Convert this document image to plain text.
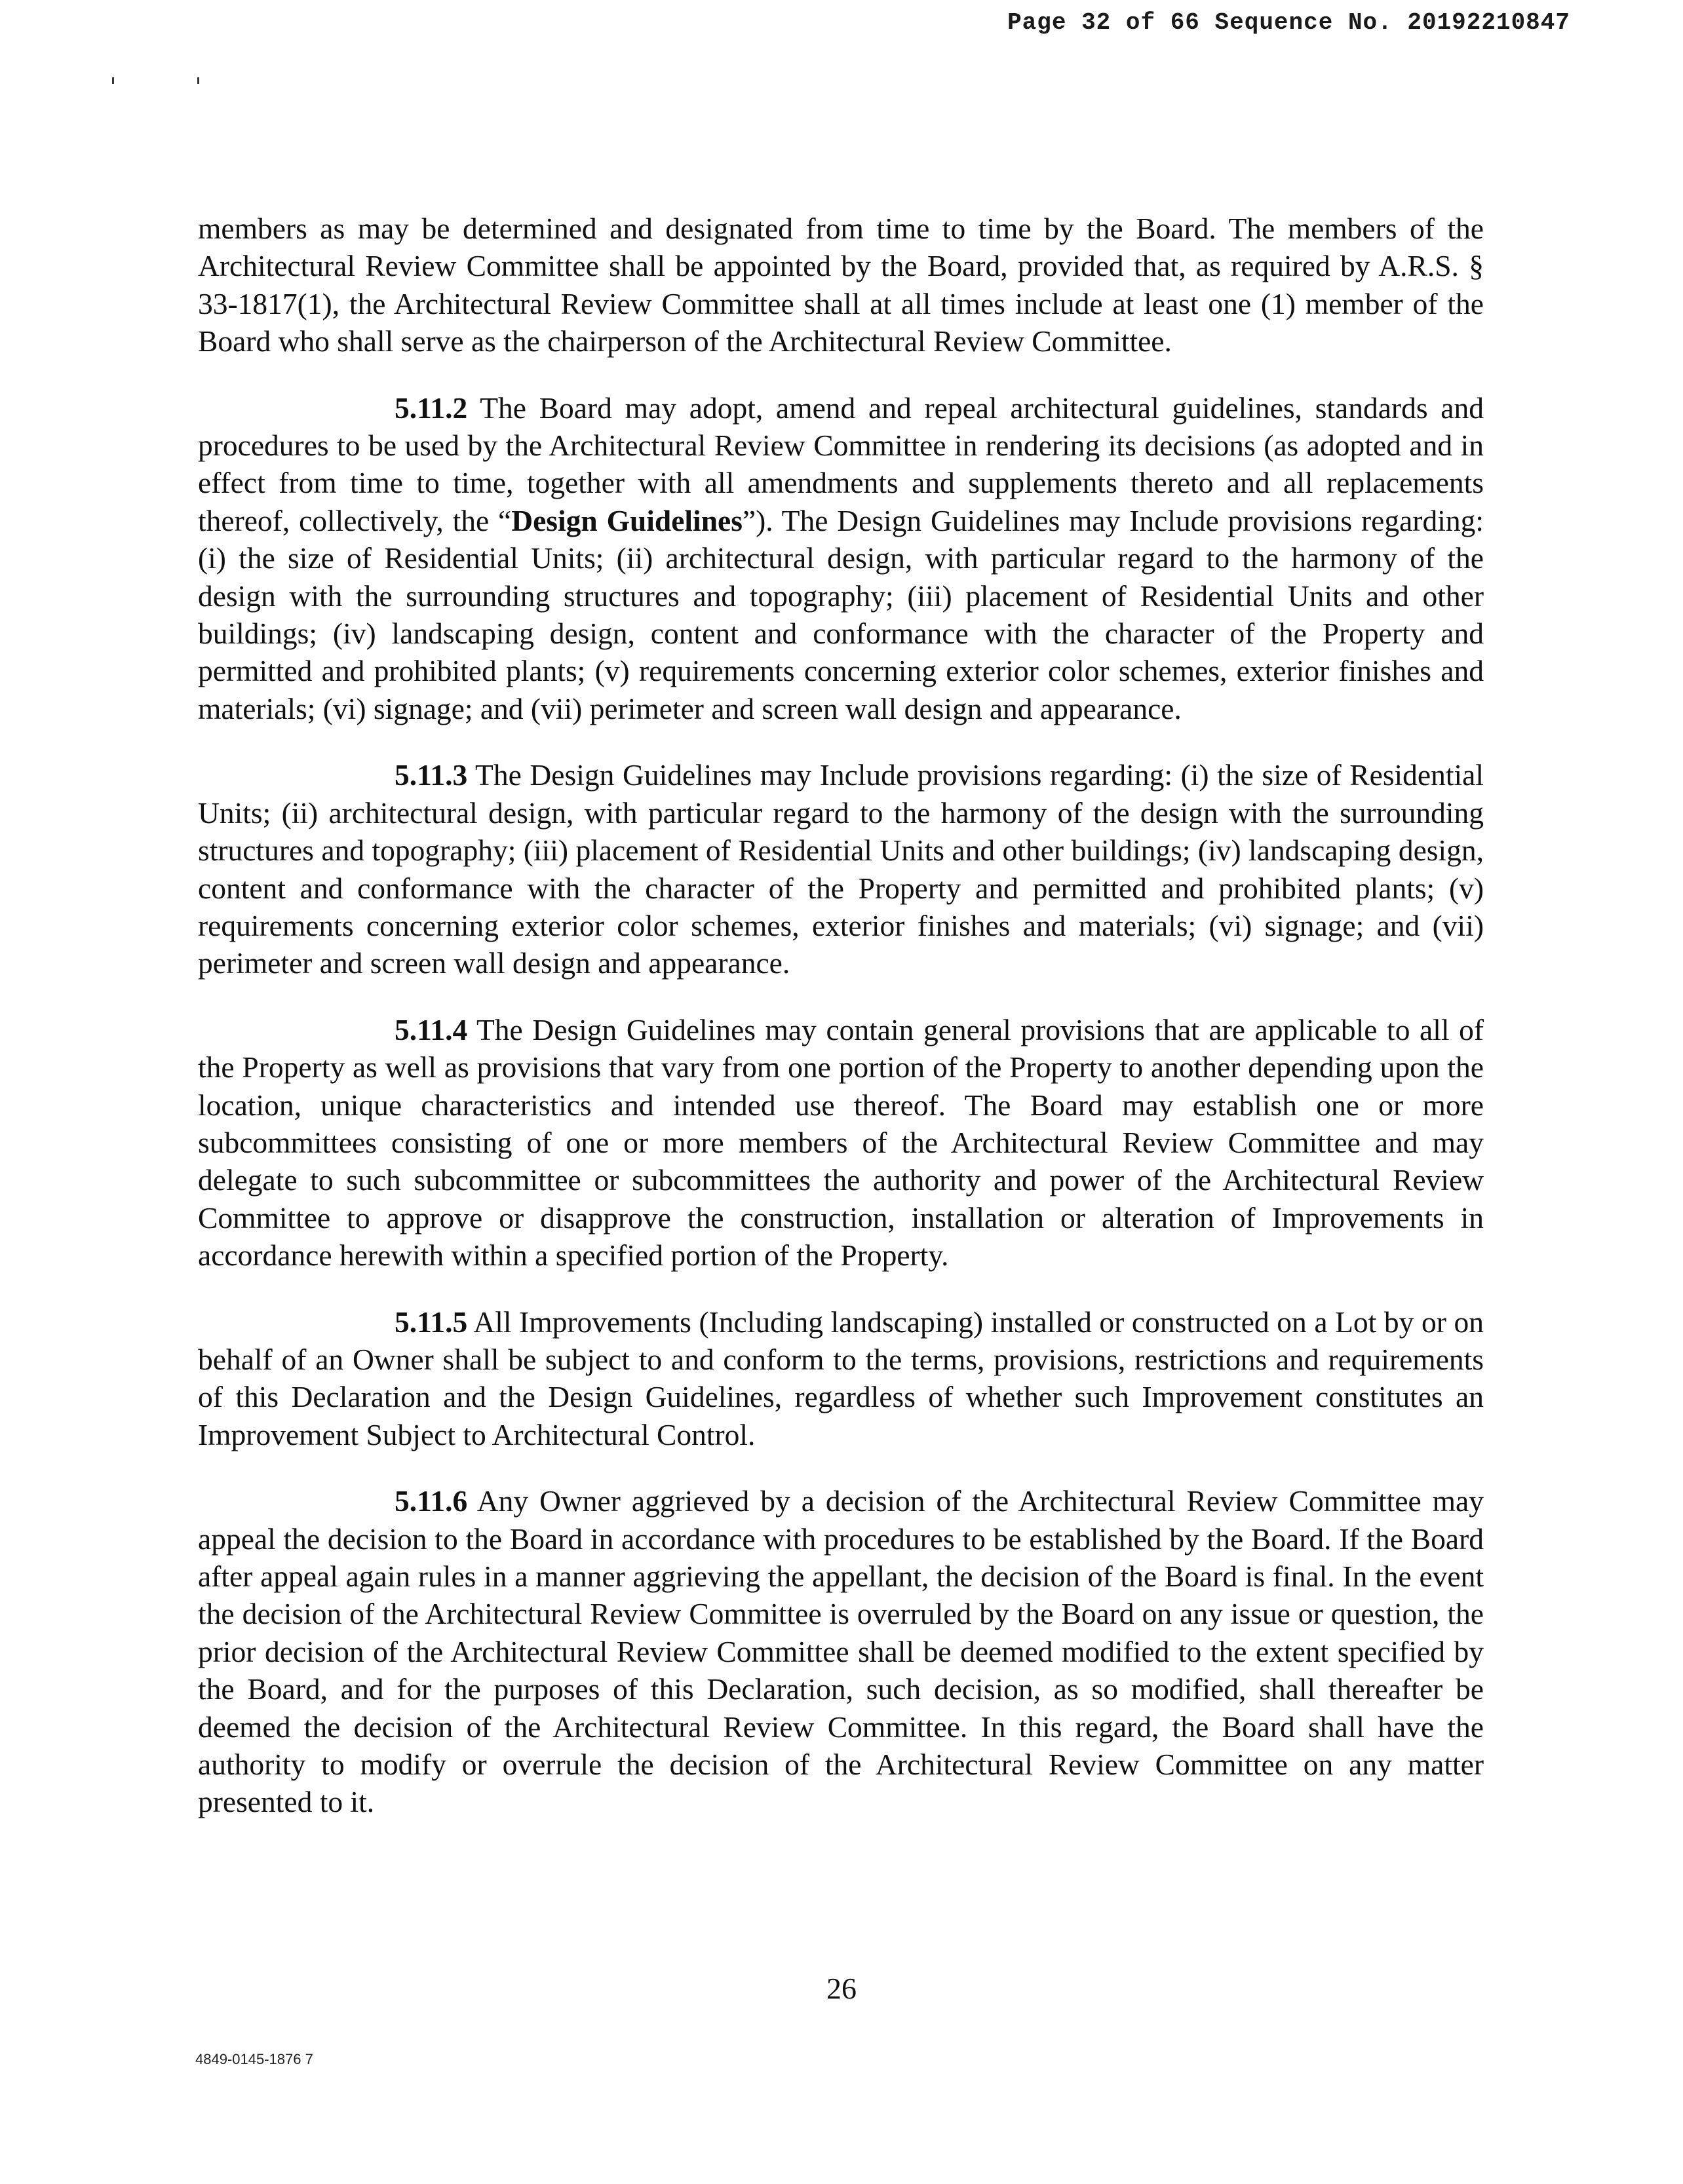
Page 32 of 66 Sequence No. 20192210847

members as may be determined and designated from time to time by the Board. The members of the Architectural Review Committee shall be appointed by the Board, provided that, as required by A.R.S. § 33-1817(1), the Architectural Review Committee shall at all times include at least one (1) member of the Board who shall serve as the chairperson of the Architectural Review Committee.

5.11.2 The Board may adopt, amend and repeal architectural guidelines, standards and procedures to be used by the Architectural Review Committee in rendering its decisions (as adopted and in effect from time to time, together with all amendments and supplements thereto and all replacements thereof, collectively, the “Design Guidelines”). The Design Guidelines may Include provisions regarding: (i) the size of Residential Units; (ii) architectural design, with particular regard to the harmony of the design with the surrounding structures and topography; (iii) placement of Residential Units and other buildings; (iv) landscaping design, content and conformance with the character of the Property and permitted and prohibited plants; (v) requirements concerning exterior color schemes, exterior finishes and materials; (vi) signage; and (vii) perimeter and screen wall design and appearance.

5.11.3 The Design Guidelines may Include provisions regarding: (i) the size of Residential Units; (ii) architectural design, with particular regard to the harmony of the design with the surrounding structures and topography; (iii) placement of Residential Units and other buildings; (iv) landscaping design, content and conformance with the character of the Property and permitted and prohibited plants; (v) requirements concerning exterior color schemes, exterior finishes and materials; (vi) signage; and (vii) perimeter and screen wall design and appearance.

5.11.4 The Design Guidelines may contain general provisions that are applicable to all of the Property as well as provisions that vary from one portion of the Property to another depending upon the location, unique characteristics and intended use thereof. The Board may establish one or more subcommittees consisting of one or more members of the Architectural Review Committee and may delegate to such subcommittee or subcommittees the authority and power of the Architectural Review Committee to approve or disapprove the construction, installation or alteration of Improvements in accordance herewith within a specified portion of the Property.

5.11.5 All Improvements (Including landscaping) installed or constructed on a Lot by or on behalf of an Owner shall be subject to and conform to the terms, provisions, restrictions and requirements of this Declaration and the Design Guidelines, regardless of whether such Improvement constitutes an Improvement Subject to Architectural Control.

5.11.6 Any Owner aggrieved by a decision of the Architectural Review Committee may appeal the decision to the Board in accordance with procedures to be established by the Board. If the Board after appeal again rules in a manner aggrieving the appellant, the decision of the Board is final. In the event the decision of the Architectural Review Committee is overruled by the Board on any issue or question, the prior decision of the Architectural Review Committee shall be deemed modified to the extent specified by the Board, and for the purposes of this Declaration, such decision, as so modified, shall thereafter be deemed the decision of the Architectural Review Committee. In this regard, the Board shall have the authority to modify or overrule the decision of the Architectural Review Committee on any matter presented to it.

26
4849-0145-1876 7
